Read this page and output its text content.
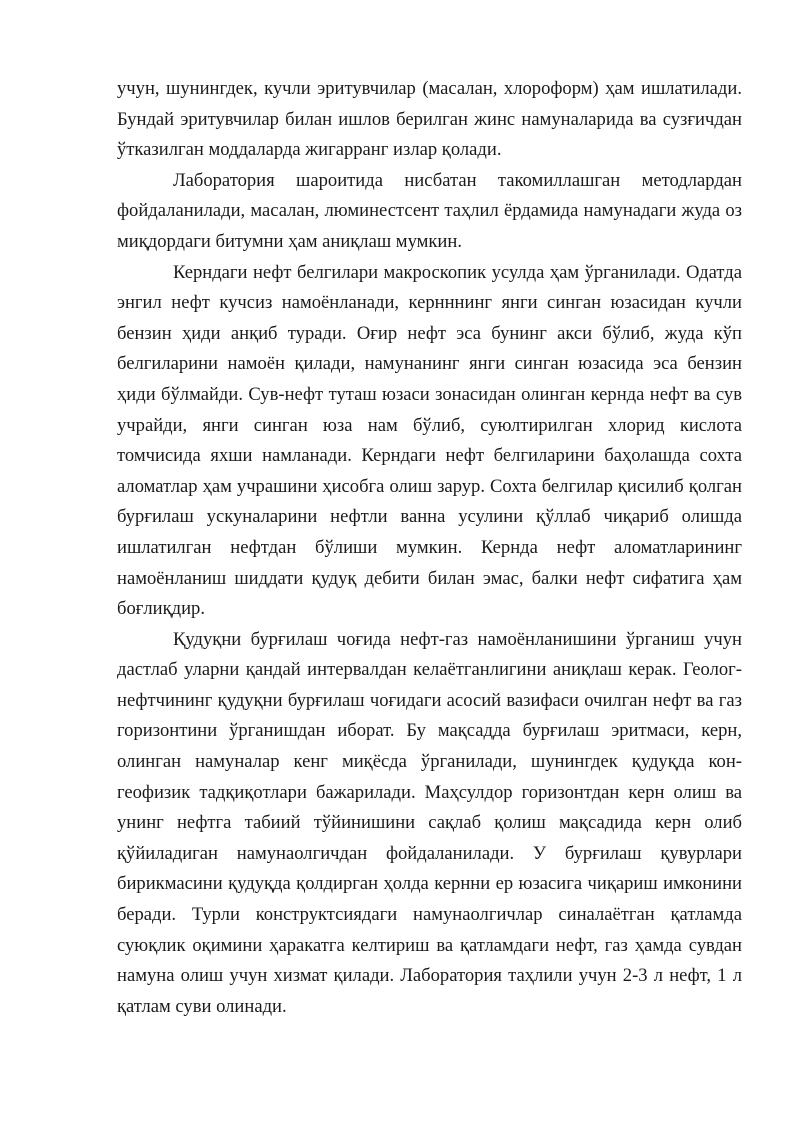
учун, шунингдек, кучли эритувчилар (масалан, хлороформ) ҳам ишлатилади. Бундай эритувчилар билан ишлов берилган жинс намуналарида ва сузғичдан ўтказилган моддаларда жигарранг излар қолади.

Лаборатория шароитида нисбатан такомиллашган методлардан фойдаланилади, масалан, люминестсент таҳлил ёрдамида намунадаги жуда оз миқдордаги битумни ҳам аниқлаш мумкин.

Керндаги нефт белгилари макроскопик усулда ҳам ўрганилади. Одатда энгил нефт кучсиз намоёнланади, кернннинг янги синган юзасидан кучли бензин ҳиди анқиб туради. Оғир нефт эса бунинг акси бўлиб, жуда кўп белгиларини намоён қилади, намунанинг янги синган юзасида эса бензин ҳиди бўлмайди. Сув-нефт туташ юзаси зонасидан олинган кернда нефт ва сув учрайди, янги синган юза нам бўлиб, суюлтирилган хлорид кислота томчисида яхши намланади. Керндаги нефт белгиларини баҳолашда сохта аломатлар ҳам учрашини ҳисобга олиш зарур. Сохта белгилар қисилиб қолган бурғилаш ускуналарини нефтли ванна усулини қўллаб чиқариб олишда ишлатилган нефтдан бўлиши мумкин. Кернда нефт аломатларининг намоёнланиш шиддати қудуқ дебити билан эмас, балки нефт сифатига ҳам боғлиқдир.

Қудуқни бурғилаш чоғида нефт-газ намоёнланишини ўрганиш учун дастлаб уларни қандай интервалдан келаётганлигини аниқлаш керак. Геолог-нефтчининг қудуқни бурғилаш чоғидаги асосий вазифаси очилган нефт ва газ горизонтини ўрганишдан иборат. Бу мақсадда бурғилаш эритмаси, керн, олинган намуналар кенг миқёсда ўрганилади, шунингдек қудуқда кон-геофизик тадқиқотлари бажарилади. Маҳсулдор горизонтдан керн олиш ва унинг нефтга табиий тўйинишини сақлаб қолиш мақсадида керн олиб қўйиладиган намунаолгичдан фойдаланилади. У бурғилаш қувурлари бирикмасини қудуқда қолдирган ҳолда кернни ер юзасига чиқариш имконини беради. Турли конструктсиядаги намунаолгичлар синалаётган қатламда суюқлик оқимини ҳаракатга келтириш ва қатламдаги нефт, газ ҳамда сувдан намуна олиш учун хизмат қилади. Лаборатория таҳлили учун 2-3 л нефт, 1 л қатлам суви олинади.
